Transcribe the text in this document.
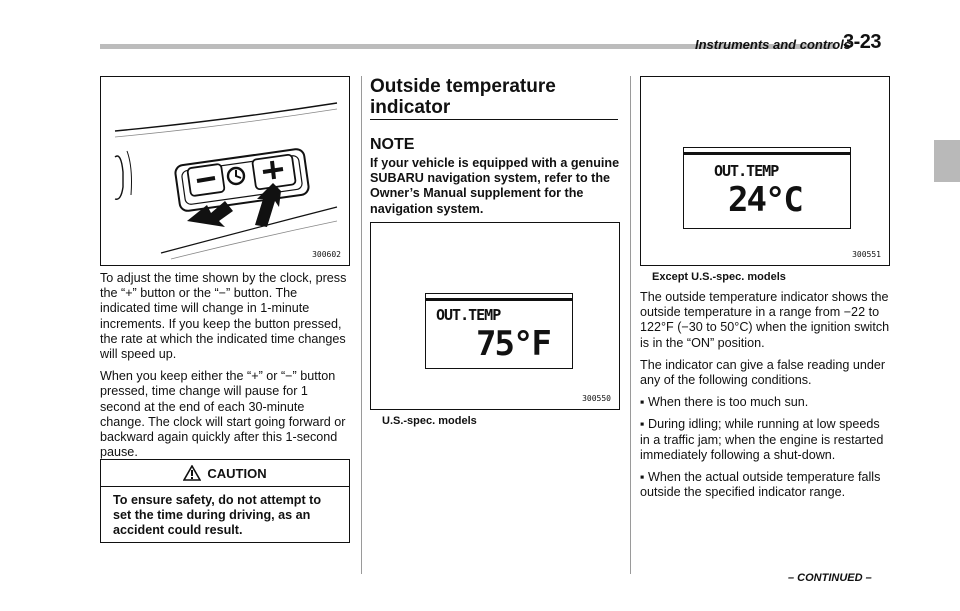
Instruments and controls
3-23
300602

To adjust the time shown by the clock, press the “+” button or the “−” button. The indicated time will change in 1-minute increments. If you keep the button pressed, the rate at which the indicated time changes will speed up.

When you keep either the “+” or “−” button pressed, time change will pause for 1 second at the end of each 30-minute change. The clock will start going forward or backward again quickly after this 1-second pause.

CAUTION
To ensure safety, do not attempt to set the time during driving, as an accident could result.
Outside temperature indicator
NOTE
If your vehicle is equipped with a genuine SUBARU navigation system, refer to the Owner’s Manual supplement for the navigation system.
OUT.TEMP
75°F
300550
U.S.-spec. models
OUT.TEMP
24°C
300551
Except U.S.-spec. models

The outside temperature indicator shows the outside temperature in a range from −22 to 122°F (−30 to 50°C) when the ignition switch is in the “ON” position.

The indicator can give a false reading under any of the following conditions.

▪ When there is too much sun.

▪ During idling; while running at low speeds in a traffic jam; when the engine is restarted immediately following a shut-down.

▪ When the actual outside temperature falls outside the specified indicator range.

– CONTINUED –
